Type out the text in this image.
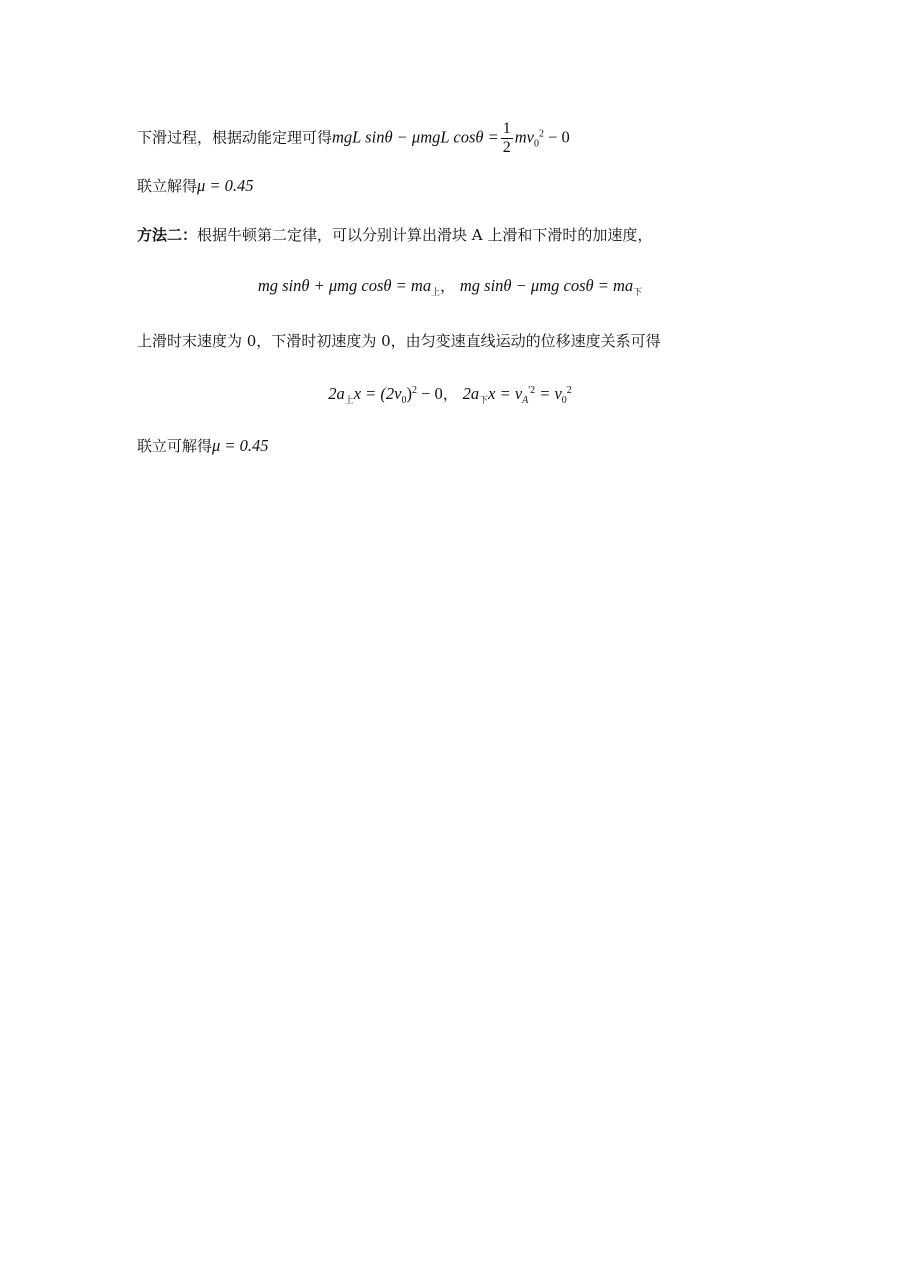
下滑过程，根据动能定理可得mgL sinθ − μmgL $\cos\theta = \frac{1}{2} mv_0^2 - 0$
联立解得μ = 0.45
方法二：根据牛顿第二定律，可以分别计算出滑块 A 上滑和下滑时的加速度，
mg sinθ + μmg $\cos\theta = ma_上$， mg sinθ − μmg $\cos\theta = ma_下$
上滑时末速度为 0，下滑时初速度为 0，由匀变速直线运动的位移速度关系可得
$2a_上x = (2v_0)^2 - 0$， $2a_下x = v_A^{'2} = v_0^2$
联立可解得μ = 0.45
